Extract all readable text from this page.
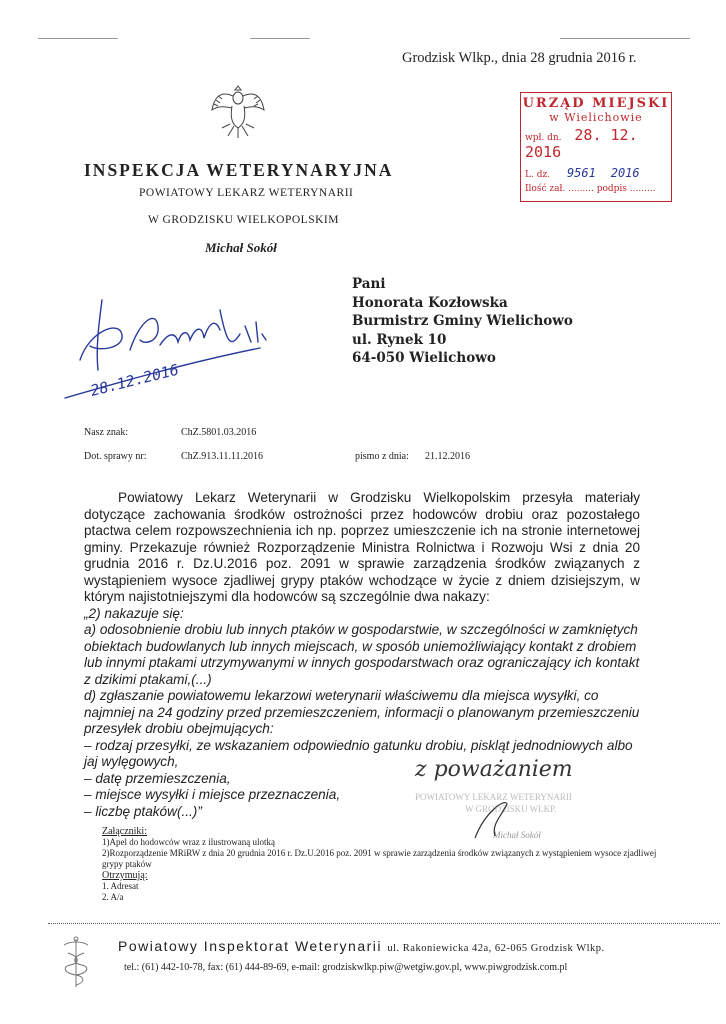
Grodzisk Wlkp., dnia 28 grudnia 2016 r.
INSPEKCJA WETERYNARYJNA
POWIATOWY LEKARZ WETERYNARII
W GRODZISKU WIELKOPOLSKIM
Michał Sokół
URZĄD MIEJSKI
w Wielichowie
wpł. dn. 28. 12. 2016
L. dz. 9561 2016
Ilość zał. ......... podpis .........
Pani
Honorata Kozłowska
Burmistrz Gminy Wielichowo
ul. Rynek 10
64-050 Wielichowo
28.12.2016
Nasz znak:	ChZ.5801.03.2016
Dot. sprawy nr:	ChZ.913.11.11.2016	pismo z dnia: 21.12.2016

Powiatowy Lekarz Weterynarii w Grodzisku Wielkopolskim przesyła materiały dotyczące zachowania środków ostrożności przez hodowców drobiu oraz pozostałego ptactwa celem rozpowszechnienia ich np. poprzez umieszczenie ich na stronie internetowej gminy. Przekazuje również Rozporządzenie Ministra Rolnictwa i Rozwoju Wsi z dnia 20 grudnia 2016 r. Dz.U.2016 poz. 2091 w sprawie zarządzenia środków związanych z wystąpieniem wysoce zjadliwej grypy ptaków wchodzące w życie z dniem dzisiejszym, w którym najistotniejszymi dla hodowców są szczególnie dwa nakazy:

„2) nakazuje się:

a) odosobnienie drobiu lub innych ptaków w gospodarstwie, w szczególności w zamkniętych obiektach budowlanych lub innych miejscach, w sposób uniemożliwiający kontakt z drobiem lub innymi ptakami utrzymywanymi w innych gospodarstwach oraz ograniczający ich kontakt z dzikimi ptakami,(...)

d) zgłaszanie powiatowemu lekarzowi weterynarii właściwemu dla miejsca wysyłki, co najmniej na 24 godziny przed przemieszczeniem, informacji o planowanym przemieszczeniu przesyłek drobiu obejmujących:

– rodzaj przesyłki, ze wskazaniem odpowiednio gatunku drobiu, piskląt jednodniowych albo jaj wylęgowych,

– datę przemieszczenia,

– miejsce wysyłki i miejsce przeznaczenia,

– liczbę ptaków(...)”

z poważaniem
POWIATOWY LEKARZ WETERYNARII
W GRODZISKU WLKP.
Michał Sokół
Załączniki:
1)Apel do hodowców wraz z ilustrowaną ulotką
2)Rozporządzenie MRiRW z dnia 20 grudnia 2016 r. Dz.U.2016 poz. 2091 w sprawie zarządzenia środków związanych z wystąpieniem wysoce zjadliwej grypy ptaków
Otrzymują:
1. Adresat
2. A/a
Powiatowy Inspektorat Weterynarii ul. Rakoniewicka 42a, 62-065 Grodzisk Wlkp.
tel.: (61) 442-10-78, fax: (61) 444-89-69, e-mail: grodziskwlkp.piw@wetgiw.gov.pl, www.piwgrodzisk.com.pl
